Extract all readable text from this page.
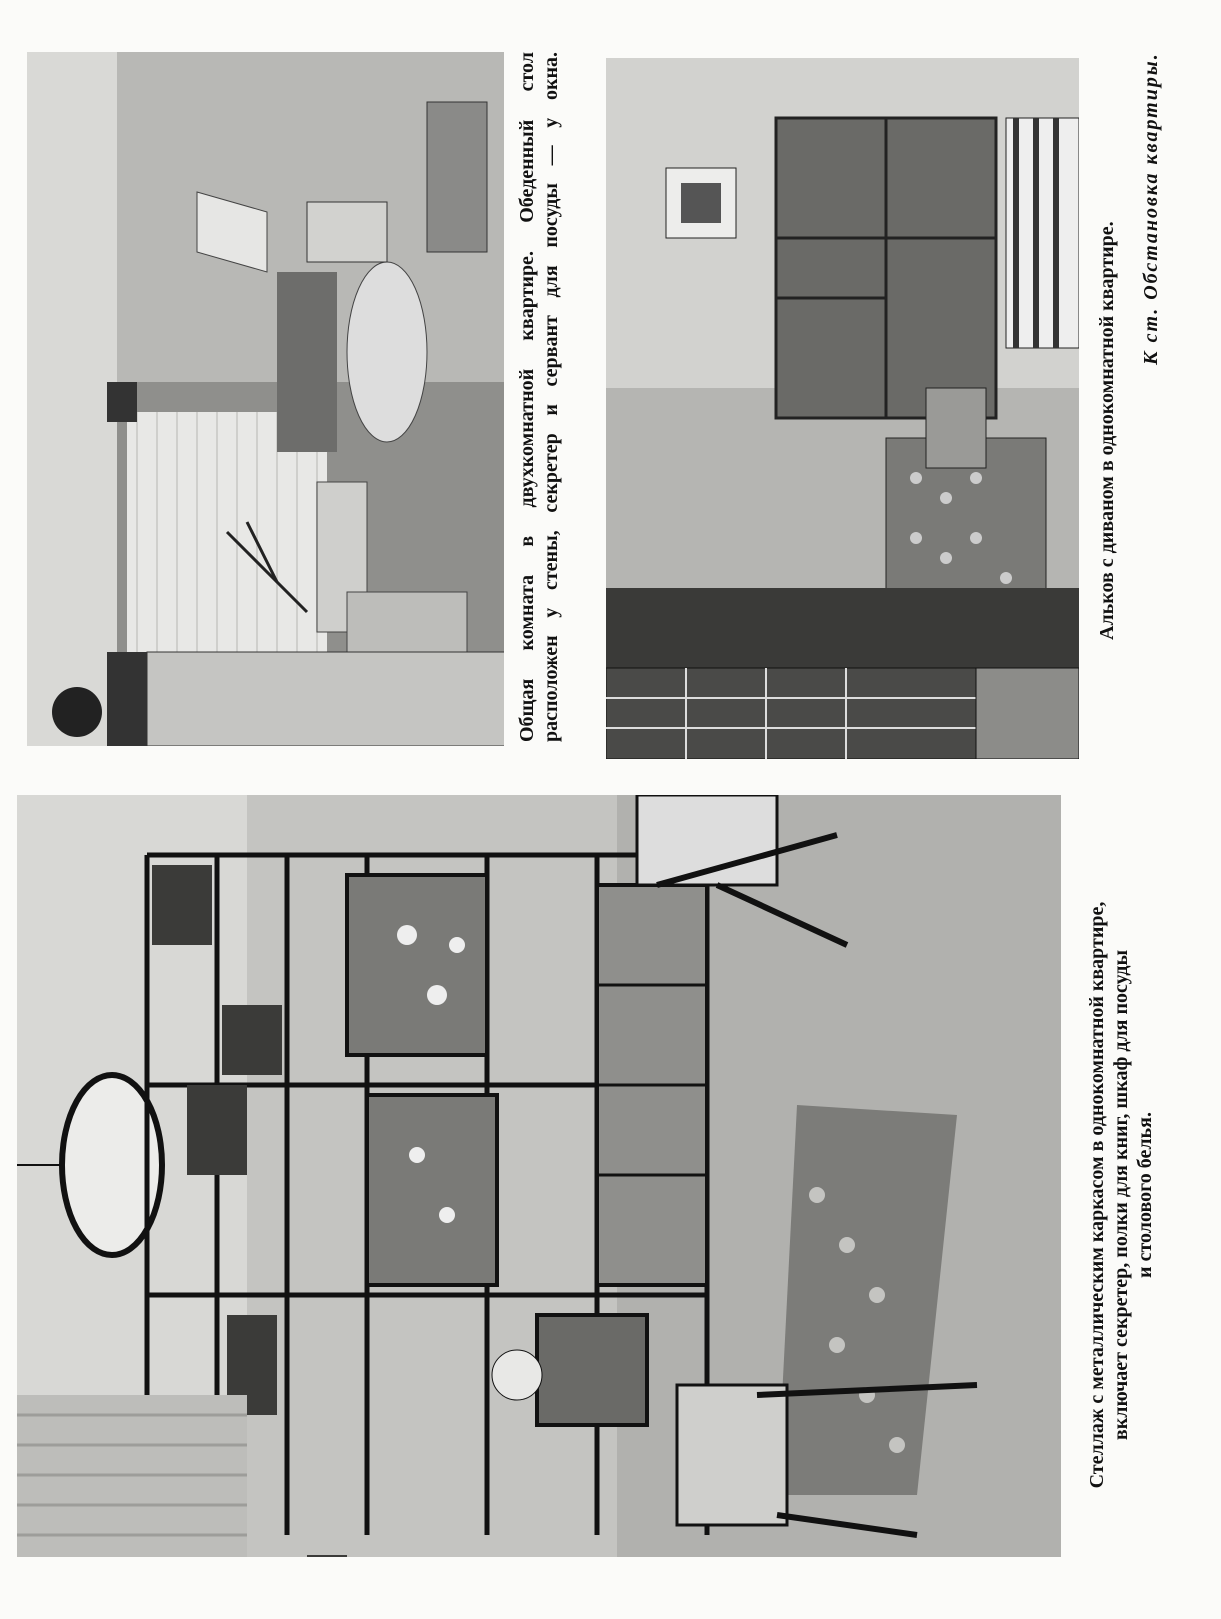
Общая комната в двухкомнатной квартире. Обеденный стол расположен у стены, секретер и сервант для посуды — у окна.	Альков с диваном в однокомнатной квартире.

К ст. Обстановка квартиры.

Стеллаж с металлическим каркасом в однокомнатной квартире, включает секретер, полки для книг, шкаф для посуды и столового белья.
